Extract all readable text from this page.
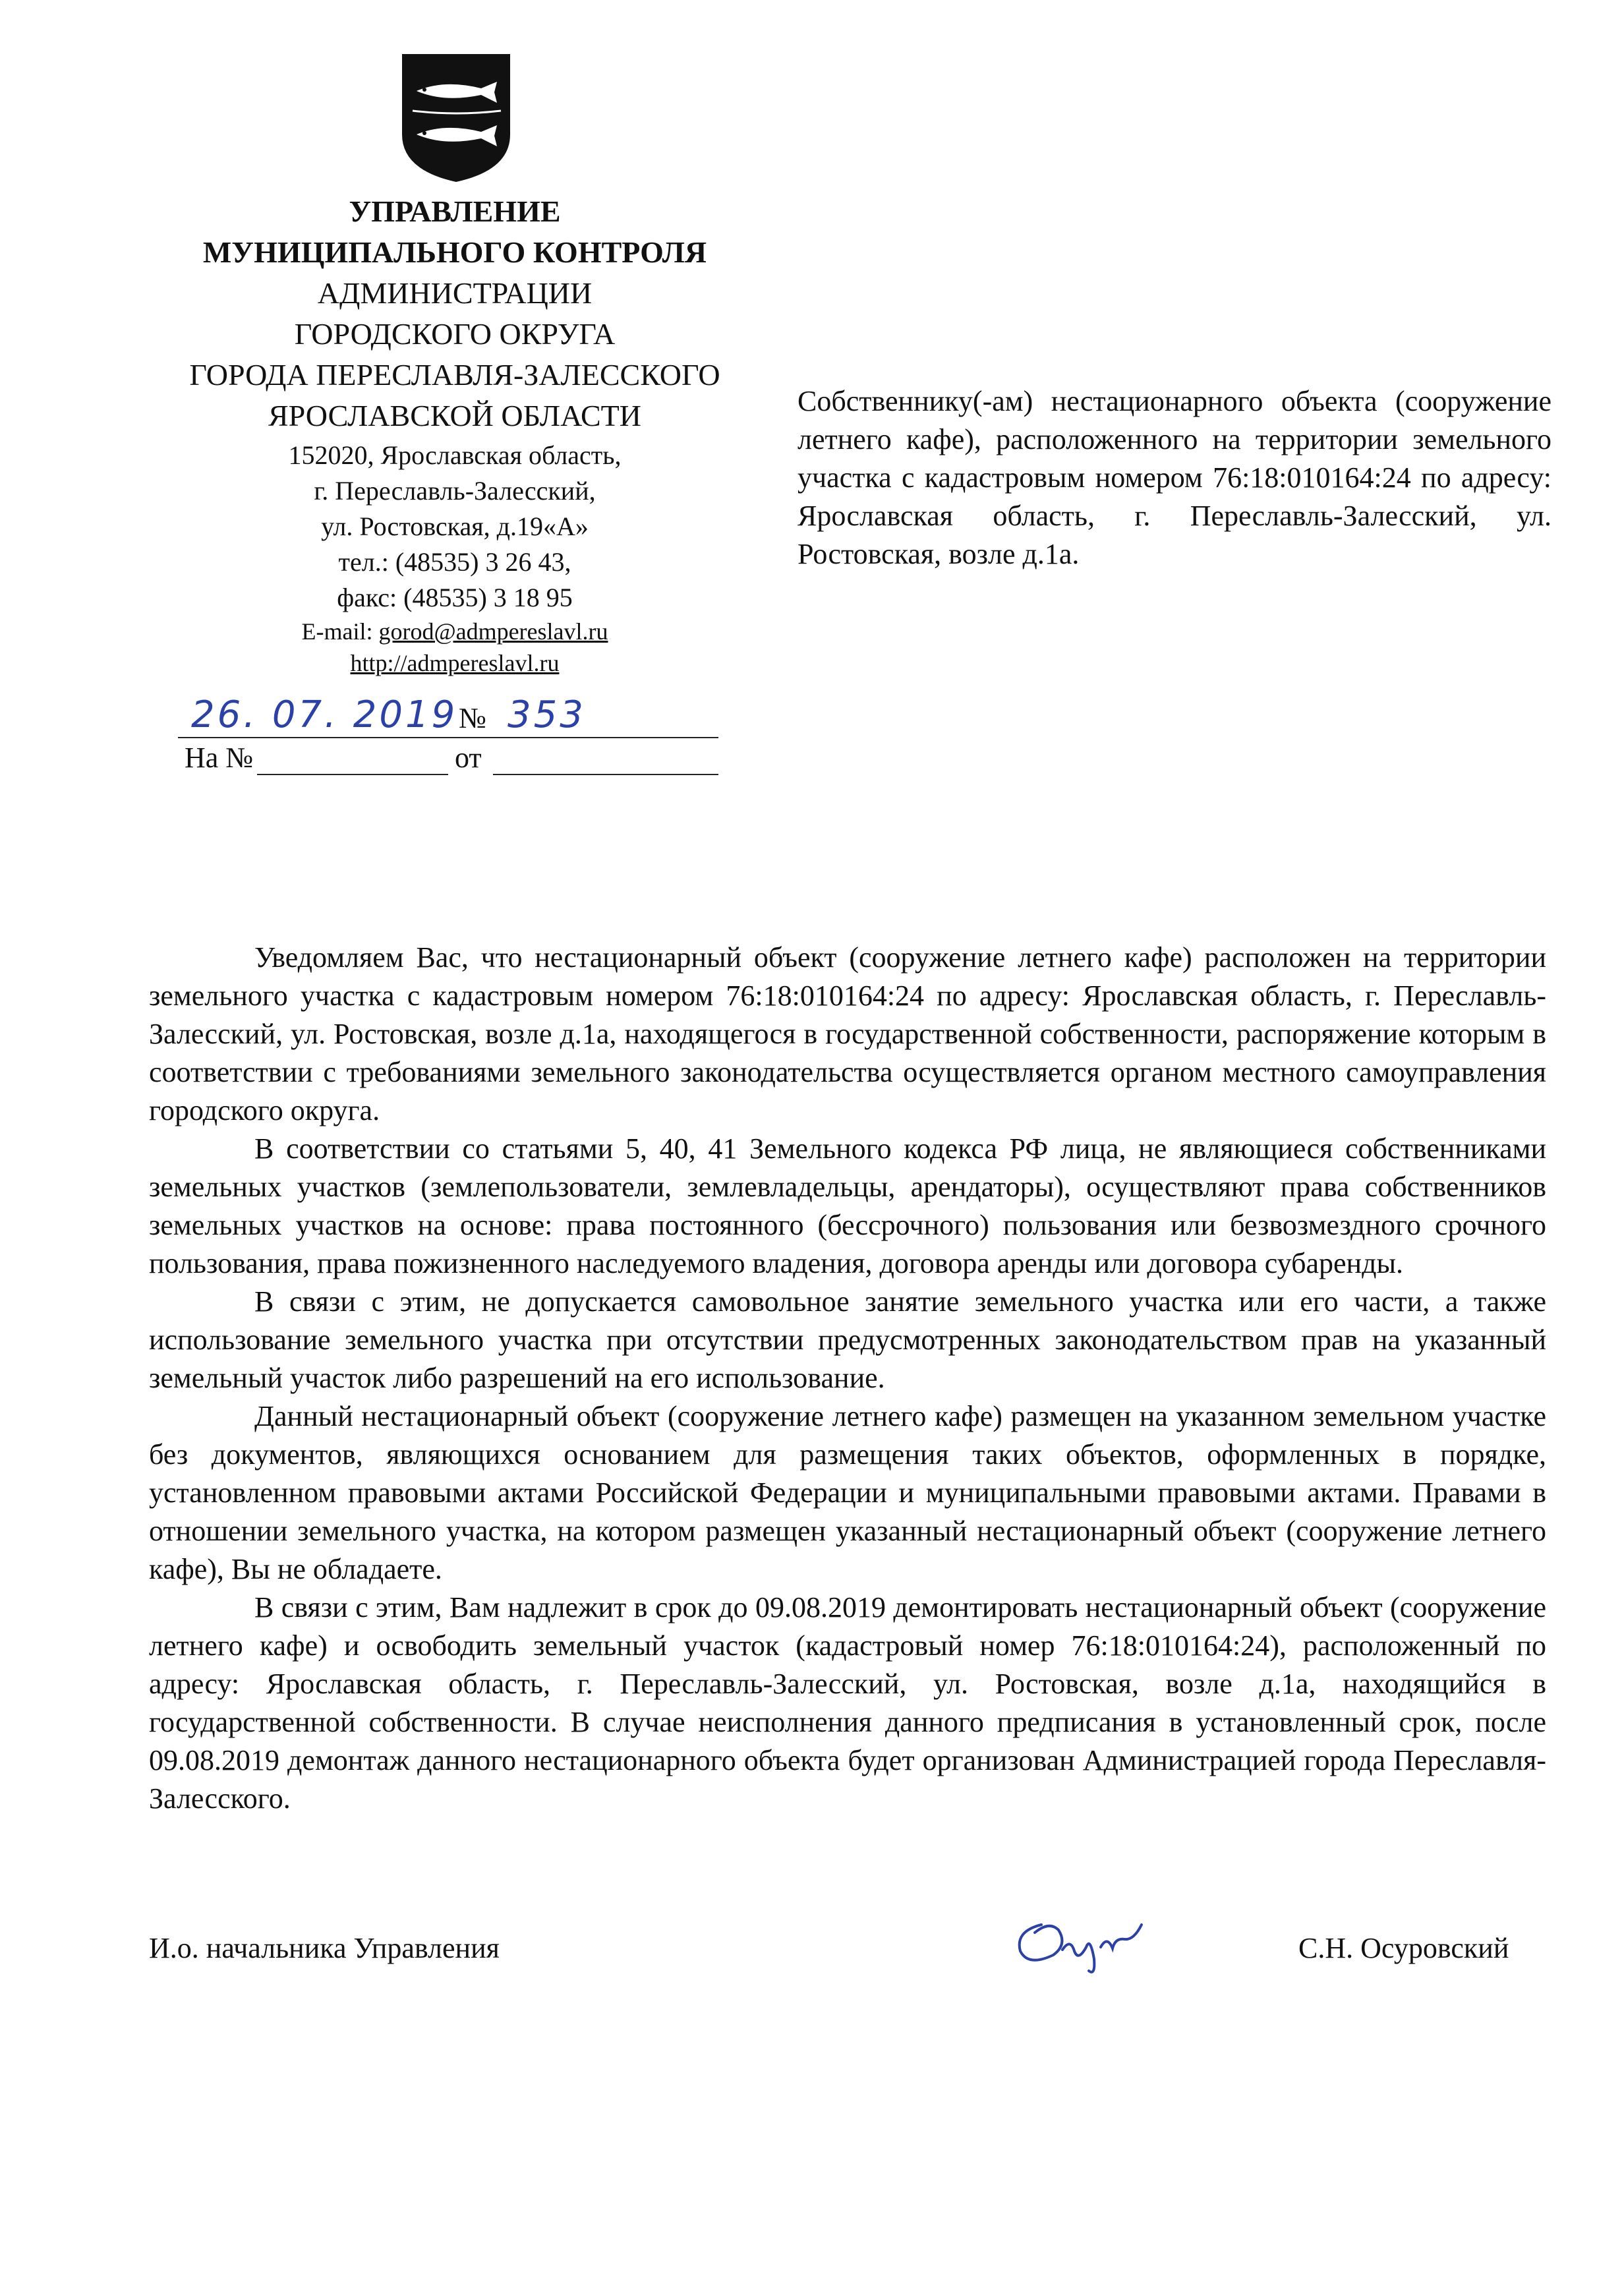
УПРАВЛЕНИЕ
МУНИЦИПАЛЬНОГО КОНТРОЛЯ
АДМИНИСТРАЦИИ
ГОРОДСКОГО ОКРУГА
ГОРОДА ПЕРЕСЛАВЛЯ-ЗАЛЕССКОГО
ЯРОСЛАВСКОЙ ОБЛАСТИ
152020, Ярославская область,
г. Переславль-Залесский,
ул. Ростовская, д.19«А»
тел.: (48535) 3 26 43,
факс: (48535) 3 18 95
E-mail: gorod@admpereslavl.ru
http://admpereslavl.ru
26. 07. 2019 № 353
На №	от
Собственнику(-ам) нестационарного объекта (сооружение летнего кафе), расположенного на территории земельного участка с кадастровым номером 76:18:010164:24 по адресу: Ярославская область, г. Переславль-Залесский, ул. Ростовская, возле д.1а.

Уведомляем Вас, что нестационарный объект (сооружение летнего кафе) расположен на территории земельного участка с кадастровым номером 76:18:010164:24 по адресу: Ярославская область, г. Переславль-Залесский, ул. Ростовская, возле д.1а, находящегося в государственной собственности, распоряжение которым в соответствии с требованиями земельного законодательства осуществляется органом местного самоуправления городского округа.

В соответствии со статьями 5, 40, 41 Земельного кодекса РФ лица, не являющиеся собственниками земельных участков (землепользователи, землевладельцы, арендаторы), осуществляют права собственников земельных участков на основе: права постоянного (бессрочного) пользования или безвозмездного срочного пользования, права пожизненного наследуемого владения, договора аренды или договора субаренды.

В связи с этим, не допускается самовольное занятие земельного участка или его части, а также использование земельного участка при отсутствии предусмотренных законодательством прав на указанный земельный участок либо разрешений на его использование.

Данный нестационарный объект (сооружение летнего кафе) размещен на указанном земельном участке без документов, являющихся основанием для размещения таких объектов, оформленных в порядке, установленном правовыми актами Российской Федерации и муниципальными правовыми актами. Правами в отношении земельного участка, на котором размещен указанный нестационарный объект (сооружение летнего кафе), Вы не обладаете.

В связи с этим, Вам надлежит в срок до 09.08.2019 демонтировать нестационарный объект (сооружение летнего кафе) и освободить земельный участок (кадастровый номер 76:18:010164:24), расположенный по адресу: Ярославская область, г. Переславль-Залесский, ул. Ростовская, возле д.1а, находящийся в государственной собственности. В случае неисполнения данного предписания в установленный срок, после 09.08.2019 демонтаж данного нестационарного объекта будет организован Администрацией города Переславля-Залесского.

И.о. начальника Управления	С.Н. Осуровский
